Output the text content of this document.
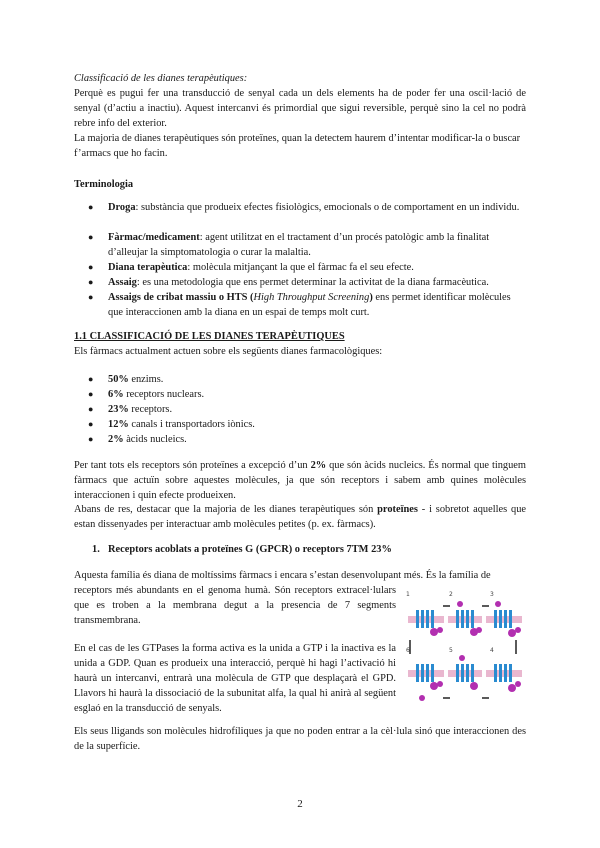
Classificació de les dianes terapèutiques:
Perquè es pugui fer una transducció de senyal cada un dels elements ha de poder fer una oscil·lació de senyal (d’actiu a inactiu). Aquest intercanvi és primordial que sigui reversible, perquè sino la cel no podrà rebre info del exterior.
La majoria de dianes terapèutiques són proteïnes, quan la detectem haurem d’intentar modificar-la o buscar f’armacs que ho facin.
Terminologia
● Droga: substància que produeix efectes fisiològics, emocionals o de comportament en un individu.
● Fàrmac/medicament: agent utilitzat en el tractament d’un procés patològic amb la finalitat d’alleujar la simptomatologia o curar la malaltia.
● Diana terapèutica: molècula mitjançant la que el fàrmac fa el seu efecte.
● Assaig: es una metodologia que ens permet determinar la activitat de la diana farmacèutica.
● Assaigs de cribat massiu o HTS (High Throughput Screening) ens permet identificar molècules que interaccionen amb la diana en un espai de temps molt curt.
1.1 CLASSIFICACIÓ DE LES DIANES TERAPÈUTIQUES
Els fàrmacs actualment actuen sobre els següents dianes farmacològiques:
● 50% enzims.
● 6% receptors nuclears.
● 23% receptors.
● 12% canals i transportadors iònics.
● 2% àcids nucleics.
Per tant tots els receptors són proteïnes a excepció d’un 2% que són àcids nucleics. És normal que tinguem fàrmacs que actuïn sobre aquestes molècules, ja que són receptors i sabem amb quines molècules interaccionen i quin efecte produeixen.
Abans de res, destacar que la majoria de les dianes terapèutiques són proteïnes - i sobretot aquelles que estan dissenyades per interactuar amb molècules petites (p. ex. fàrmacs).
1. Receptors acoblats a proteïnes G (GPCR) o receptors 7TM 23%
Aquesta família és diana de moltíssims fàrmacs i encara s’estan desenvolupant més. És la família de
receptors més abundants en el genoma humà. Són receptors extracel·lulars que es troben a la membrana degut a la presencia de 7 segments transmembrana.
En el cas de les GTPases la forma activa es la unida a GTP i la inactiva es la unida a GDP. Quan es produeix una interacció, perquè hi hagi l’activació hi haurà un intercanvi, entrarà una molècula de GTP que desplaçarà el GPD. Llavors hi haurà la dissociació de la subunitat alfa, la qual hi anirà al següent esglaó en la transducció de senyals.
Els seus lligands son molècules hidrofíliques ja que no poden entrar a la cèl·lula sinó que interaccionen des de la superfície.
1	2	3
4
5
6
2
